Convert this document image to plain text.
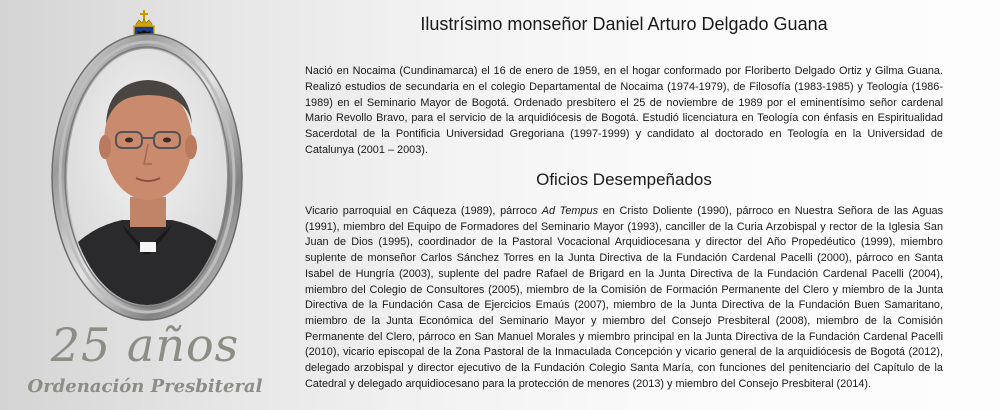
25 años
Ordenación Presbiteral
Ilustrísimo monseñor Daniel Arturo Delgado Guana

Nació en Nocaima (Cundinamarca) el 16 de enero de 1959, en el hogar conformado por Floriberto Delgado Ortiz y Gilma Guana. Realizó estudios de secundaria en el colegio Departamental de Nocaima (1974-1979), de Filosofía (1983-1985) y Teología (1986-1989) en el Seminario Mayor de Bogotá. Ordenado presbítero el 25 de noviembre de 1989 por el eminentísimo señor cardenal Mario Revollo Bravo, para el servicio de la arquidiócesis de Bogotá. Estudió licenciatura en Teología con énfasis en Espiritualidad Sacerdotal de la Pontificia Universidad Gregoriana (1997-1999) y candidato al doctorado en Teología en la Universidad de Catalunya (2001 – 2003).

Oficios Desempeñados

Vicario parroquial en Cáqueza (1989), párroco Ad Tempus en Cristo Doliente (1990), párroco en Nuestra Señora de las Aguas (1991), miembro del Equipo de Formadores del Seminario Mayor (1993), canciller de la Curia Arzobispal y rector de la Iglesia San Juan de Dios (1995), coordinador de la Pastoral Vocacional Arquidiocesana y director del Año Propedéutico (1999), miembro suplente de monseñor Carlos Sánchez Torres en la Junta Directiva de la Fundación Cardenal Pacelli (2000), párroco en Santa Isabel de Hungría (2003), suplente del padre Rafael de Brigard en la Junta Directiva de la Fundación Cardenal Pacelli (2004), miembro del Colegio de Consultores (2005), miembro de la Comisión de Formación Permanente del Clero y miembro de la Junta Directiva de la Fundación Casa de Ejercicios Emaús (2007), miembro de la Junta Directiva de la Fundación Buen Samaritano, miembro de la Junta Económica del Seminario Mayor y miembro del Consejo Presbiteral (2008), miembro de la Comisión Permanente del Clero, párroco en San Manuel Morales y miembro principal en la Junta Directiva de la Fundación Cardenal Pacelli (2010), vicario episcopal de la Zona Pastoral de la Inmaculada Concepción y vicario general de la arquidiócesis de Bogotá (2012), delegado arzobispal y director ejecutivo de la Fundación Colegio Santa María, con funciones del penitenciario del Capítulo de la Catedral y delegado arquidiocesano para la protección de menores (2013) y miembro del Consejo Presbiteral (2014).
